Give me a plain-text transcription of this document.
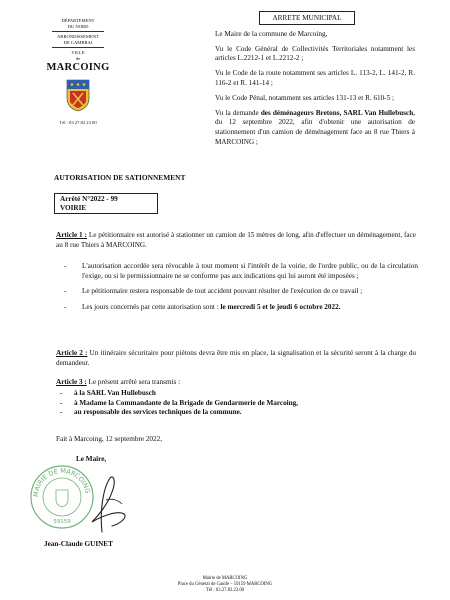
DÉPARTEMENT
DU NORD
ARRONDISSEMENT
DE CAMBRAI
VILLE
de
MARCOING
Tél : 03 27 82 23 00
ARRETE MUNICIPAL

Le Maire de la commune de Marcoing,

Vu le Code Général de Collectivités Territoriales notamment les articles L.2212-1 et L.2212-2 ;

Vu le Code de la route notamment ses articles L. 113-2, L. 141-2, R. 116-2 et R. 141-14 ;

Vu le Code Pénal, notamment ses articles 131-13 et R. 610-5 ;

Vu la demande des déménageurs Bretons, SARL Van Hullebusch, du 12 septembre 2022, afin d'obtenir une autorisation de stationnement d'un camion de déménagement face au 8 rue Thiers à MARCOING ;

AUTORISATION DE SATIONNEMENT
Arrêté N°2022 - 99
VOIRIE
Article 1 : Le pétitionnaire est autorisé à stationner un camion de 15 mètres de long, afin d'effectuer un déménagement, face au 8 rue Thiers à MARCOING.
- L'autorisation accordée sera révocable à tout moment si l'intérêt de la voirie, de l'ordre public, ou de la circulation l'exige, ou si le permissionnaire ne se conforme pas aux indications qui lui auront été imposées ;
- Le pétitionnaire restera responsable de tout accident pouvant résulter de l'exécution de ce travail ;
- Les jours concernés par cette autorisation sont : le mercredi 5 et le jeudi 6 octobre 2022.
Article 2 : Un itinéraire sécuritaire pour piétons devra être mis en place, la signalisation et la sécurité seront à la charge du demandeur.
Article 3 : Le présent arrêté sera transmis :
- à la SARL Van Hullebusch
- à Madame la Commandante de la Brigade de Gendarmerie de Marcoing,
- au responsable des services techniques de la commune.
Fait à Marcoing, 12 septembre 2022,
Le Maire,
MAIRIE DE MARCOING
59159
Jean-Claude GUINET
Mairie de MARCOING
Place du Général de Gaulle – 59159 MARCOING
Tél : 03.27.82.23.00
